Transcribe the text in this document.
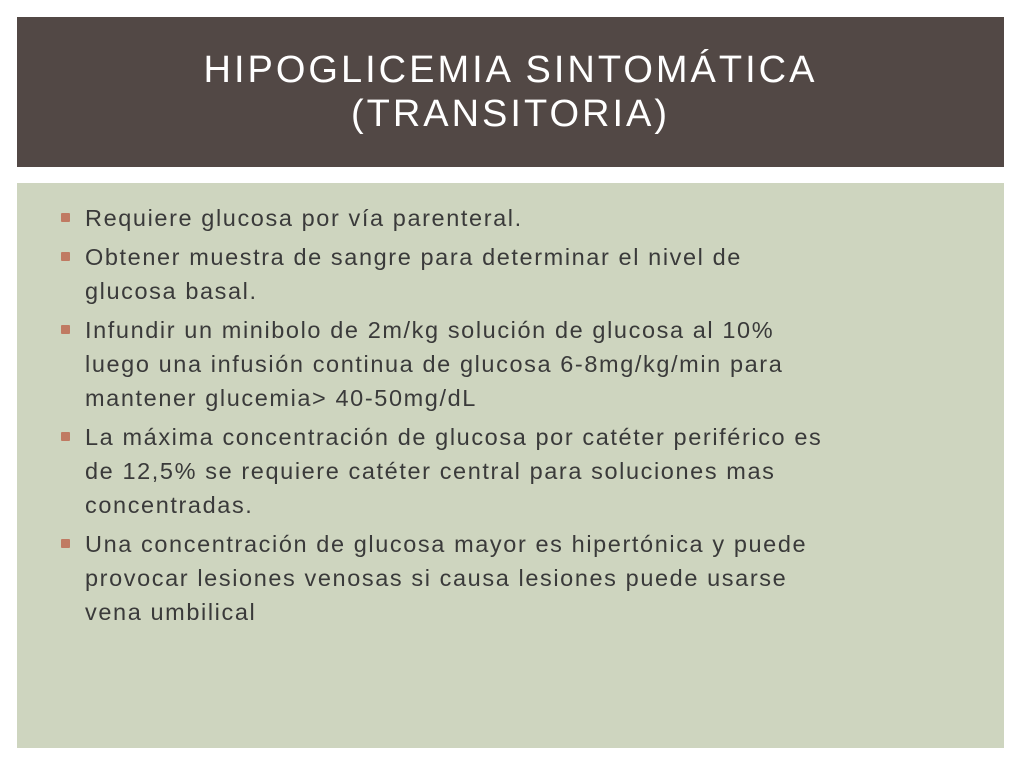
HIPOGLICEMIA SINTOMÁTICA
(TRANSITORIA)
Requiere glucosa por vía parenteral.
Obtener muestra de sangre para determinar el nivel de
glucosa basal.
Infundir un minibolo de 2m/kg solución de glucosa al 10%
luego una infusión continua de glucosa 6-8mg/kg/min para
mantener glucemia> 40-50mg/dL
La máxima concentración de glucosa por catéter periférico es
de 12,5% se requiere catéter central para soluciones mas
concentradas.
Una concentración de glucosa mayor es hipertónica y puede
provocar lesiones venosas si causa lesiones puede usarse
vena umbilical
